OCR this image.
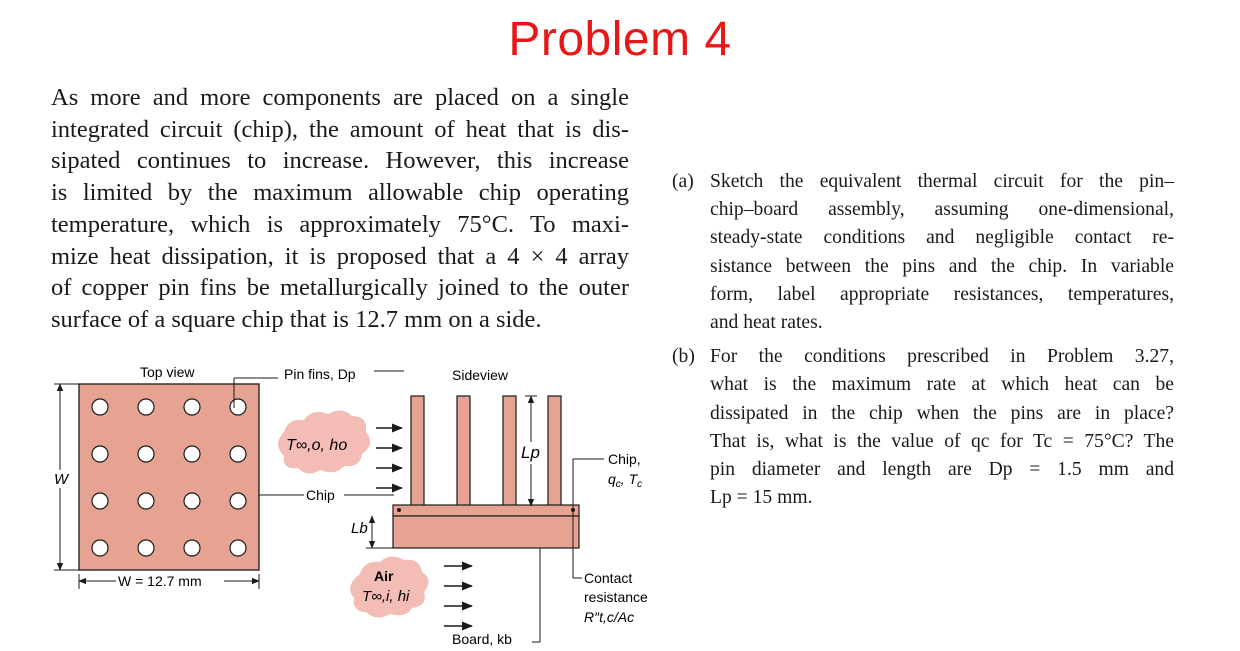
Problem 4
As more and more components are placed on a single
integrated circuit (chip), the amount of heat that is dis-
sipated continues to increase. However, this increase
is limited by the maximum allowable chip operating
temperature, which is approximately 75°C. To maxi-
mize heat dissipation, it is proposed that a 4 × 4 array
of copper pin fins be metallurgically joined to the outer
surface of a square chip that is 12.7 mm on a side.
(a) Sketch the equivalent thermal circuit for the pin–
chip–board assembly, assuming one-dimensional,
steady-state conditions and negligible contact re-
sistance between the pins and the chip. In variable
form, label appropriate resistances, temperatures,
and heat rates.
(b) For the conditions prescribed in Problem 3.27,
what is the maximum rate at which heat can be
dissipated in the chip when the pins are in place?
That is, what is the value of qc for Tc = 75°C? The
pin diameter and length are Dp = 1.5 mm and
Lp = 15 mm.
Top view	Pin fins, Dp
W
W = 12.7 mm
Chip
T∞,o, ho
Sideview
Lp
Lb
Chip,
$q_c$, $T_c$
Chip, qc, Tc
Air
T∞,i, hi
Contact
resistance
R″t,c/Ac
Board, kb
